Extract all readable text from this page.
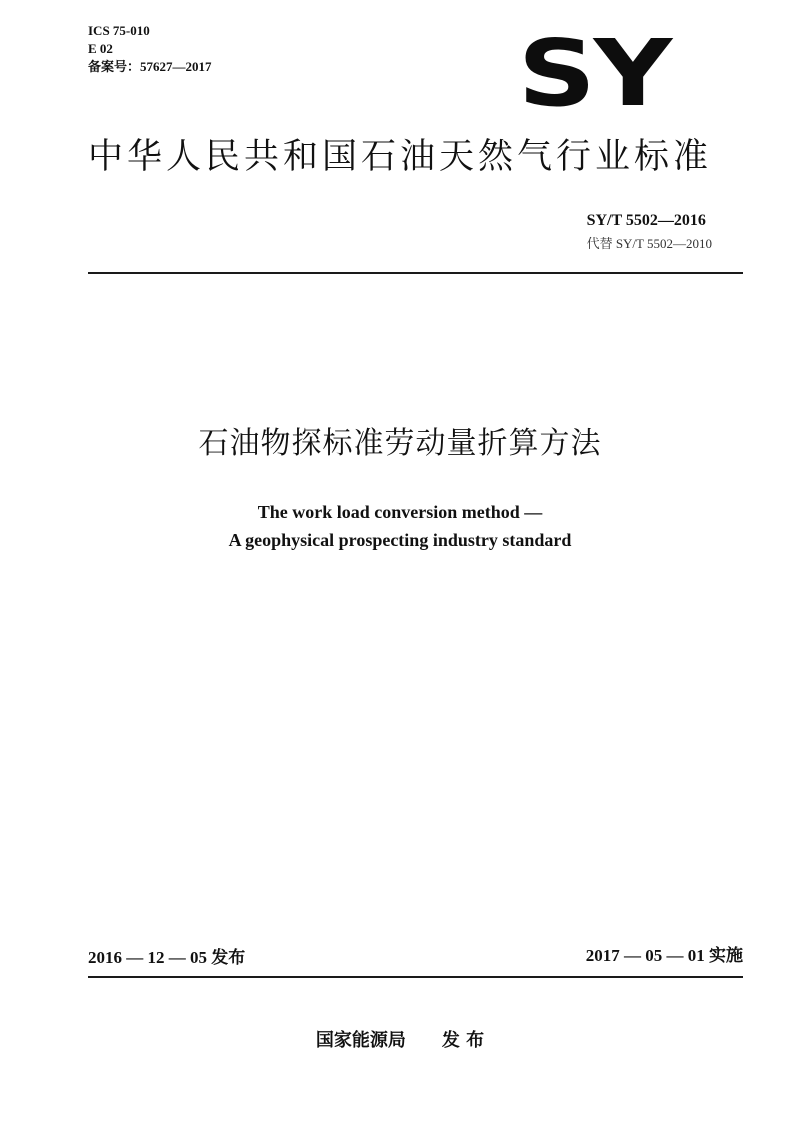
ICS 75-010
E 02
备案号：57627—2017	SY
中华人民共和国石油天然气行业标准
SY/T 5502—2016
代替 SY/T 5502—2010
石油物探标准劳动量折算方法
The work load conversion method —
A geophysical prospecting industry standard
2016 — 12 — 05 发布	2017 — 05 — 01 实施
国家能源局 发 布
